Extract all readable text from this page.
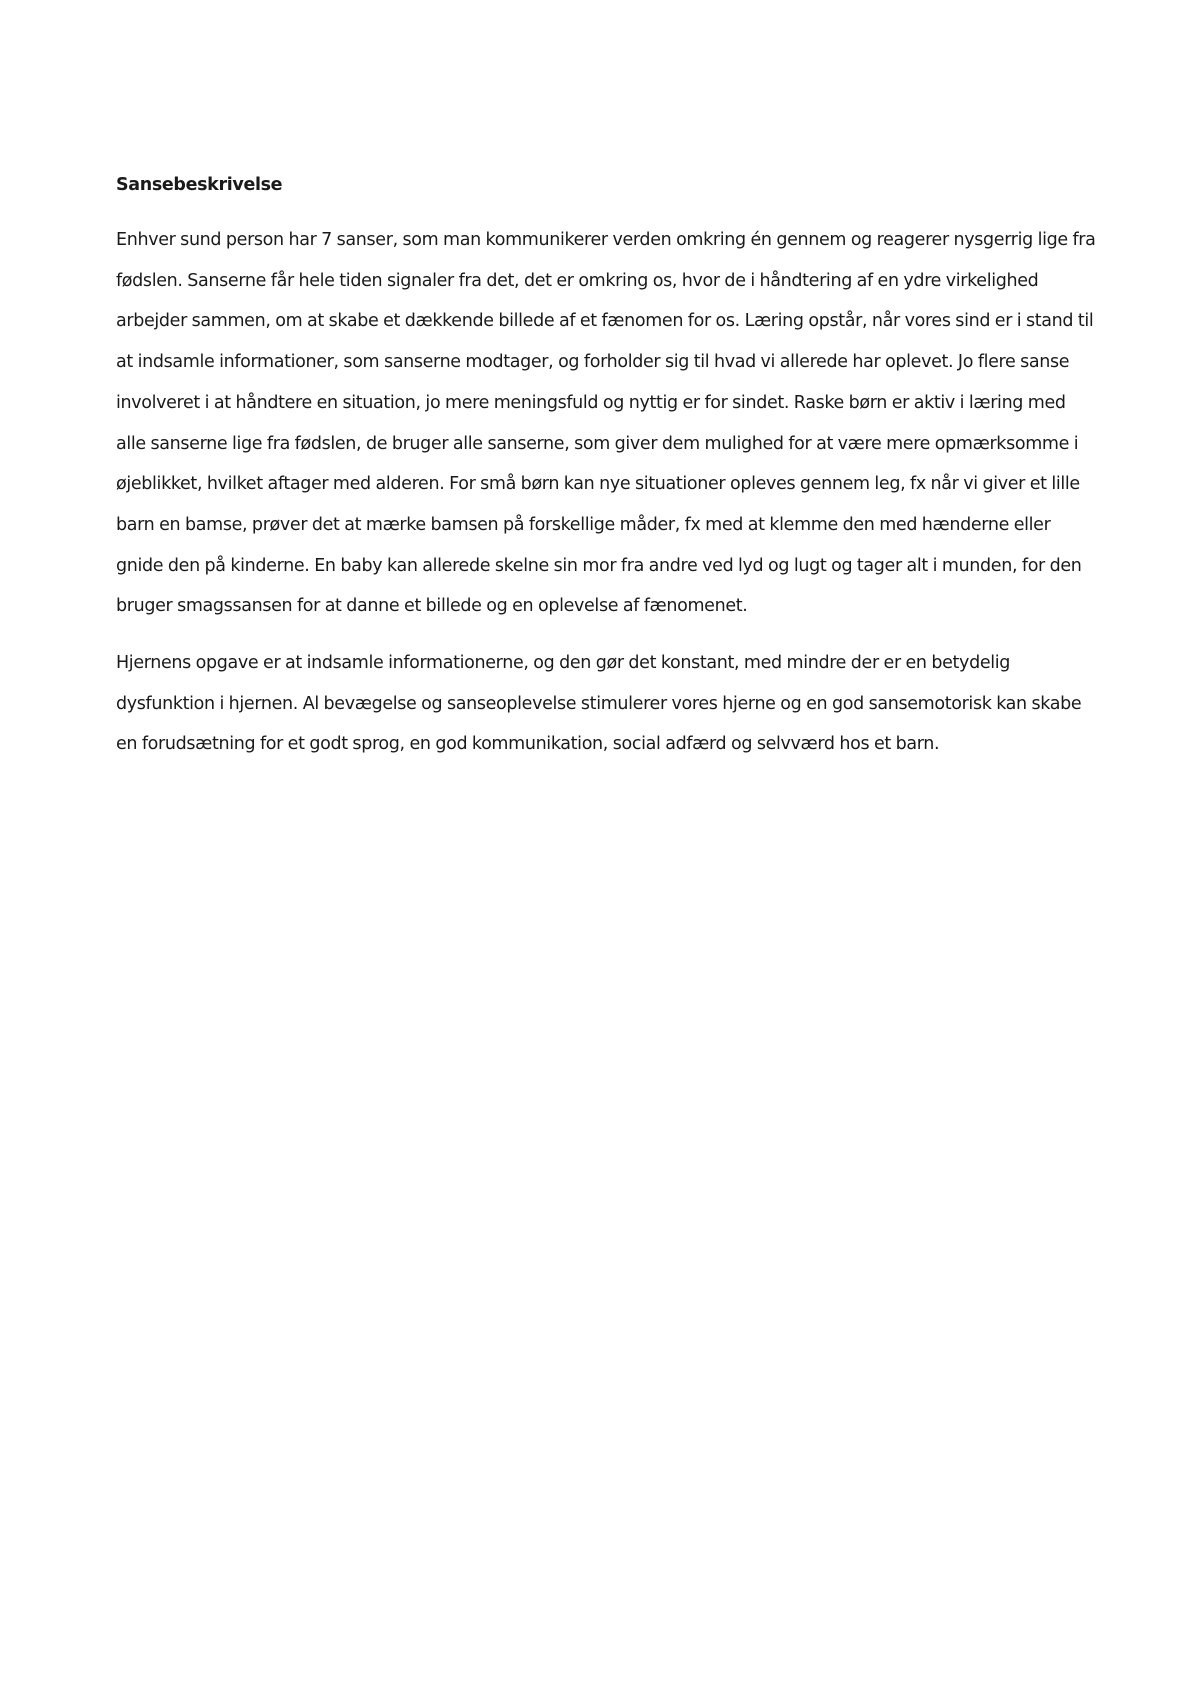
Sansebeskrivelse

Enhver sund person har 7 sanser, som man kommunikerer verden omkring én gennem og reagerer nysgerrig lige fra fødslen. Sanserne får hele tiden signaler fra det, det er omkring os, hvor de i håndtering af en ydre virkelighed arbejder sammen, om at skabe et dækkende billede af et fænomen for os. Læring opstår, når vores sind er i stand til at indsamle informationer, som sanserne modtager, og forholder sig til hvad vi allerede har oplevet. Jo flere sanse involveret i at håndtere en situation, jo mere meningsfuld og nyttig er for sindet. Raske børn er aktiv i læring med alle sanserne lige fra fødslen, de bruger alle sanserne, som giver dem mulighed for at være mere opmærksomme i øjeblikket, hvilket aftager med alderen. For små børn kan nye situationer opleves gennem leg, fx når vi giver et lille barn en bamse, prøver det at mærke bamsen på forskellige måder, fx med at klemme den med hænderne eller gnide den på kinderne. En baby kan allerede skelne sin mor fra andre ved lyd og lugt og tager alt i munden, for den bruger smagssansen for at danne et billede og en oplevelse af fænomenet.

Hjernens opgave er at indsamle informationerne, og den gør det konstant, med mindre der er en betydelig dysfunktion i hjernen. Al bevægelse og sanseoplevelse stimulerer vores hjerne og en god sansemotorisk kan skabe en forudsætning for et godt sprog, en god kommunikation, social adfærd og selvværd hos et barn.
